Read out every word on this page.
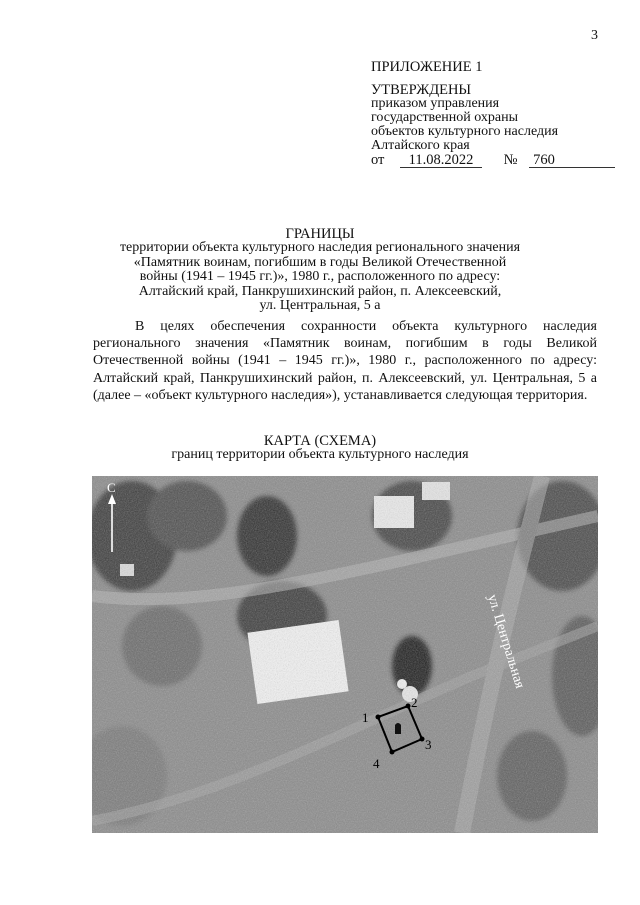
3
ПРИЛОЖЕНИЕ 1
УТВЕРЖДЕНЫ
приказом управления
государственной охраны
объектов культурного наследия
Алтайского края
от 11.08.2022 № 760
ГРАНИЦЫ
территории объекта культурного наследия регионального значения
«Памятник воинам, погибшим в годы Великой Отечественной
войны (1941 – 1945 гг.)», 1980 г., расположенного по адресу:
Алтайский край, Панкрушихинский район, п. Алексеевский,
ул. Центральная, 5 а
В целях обеспечения сохранности объекта культурного наследия регионального значения «Памятник воинам, погибшим в годы Великой Отечественной войны (1941 – 1945 гг.)», 1980 г., расположенного по адресу: Алтайский край, Панкрушихинский район, п. Алексеевский, ул. Центральная, 5 а (далее – «объект культурного наследия»), устанавливается следующая территория.
КАРТА (СХЕМА)
границ территории объекта культурного наследия
С
ул. Центральная
1
2
3
4
